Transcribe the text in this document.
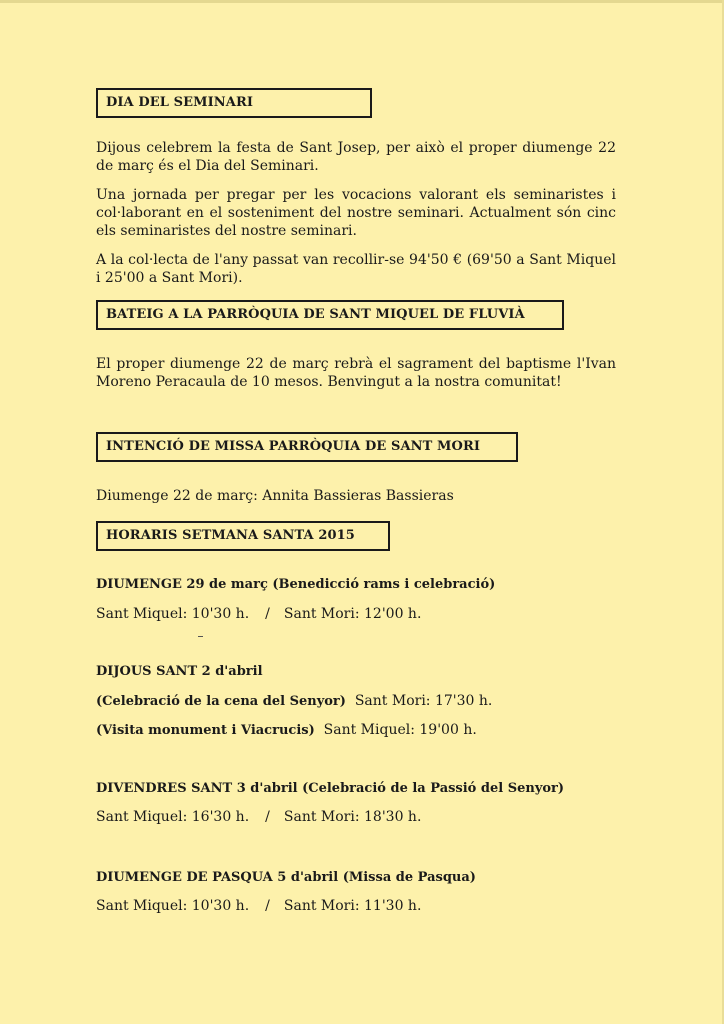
DIA DEL SEMINARI

Dijous celebrem la festa de Sant Josep, per això el proper diumenge 22 de març és el Dia del Seminari.

Una jornada per pregar per les vocacions valorant els seminaristes i col·laborant en el sosteniment del nostre seminari. Actualment són cinc els seminaristes del nostre seminari.

A la col·lecta de l'any passat van recollir-se 94'50 € (69'50 a Sant Miquel i 25'00 a Sant Mori).

BATEIG A LA PARRÒQUIA DE SANT MIQUEL DE FLUVIÀ

El proper diumenge 22 de març rebrà el sagrament del baptisme l'Ivan Moreno Peracaula de 10 mesos. Benvingut a la nostra comunitat!

INTENCIÓ DE MISSA PARRÒQUIA DE SANT MORI

Diumenge 22 de març: Annita Bassieras Bassieras

HORARIS SETMANA SANTA 2015
DIUMENGE 29 de març (Benedicció rams i celebració)
Sant Miquel: 10'30 h. / Sant Mori: 12'00 h.
DIJOUS SANT 2 d'abril
(Celebració de la cena del Senyor) Sant Mori: 17'30 h.
(Visita monument i Viacrucis) Sant Miquel: 19'00 h.
DIVENDRES SANT 3 d'abril (Celebració de la Passió del Senyor)
Sant Miquel: 16'30 h. / Sant Mori: 18'30 h.
DIUMENGE DE PASQUA 5 d'abril (Missa de Pasqua)
Sant Miquel: 10'30 h. / Sant Mori: 11'30 h.
